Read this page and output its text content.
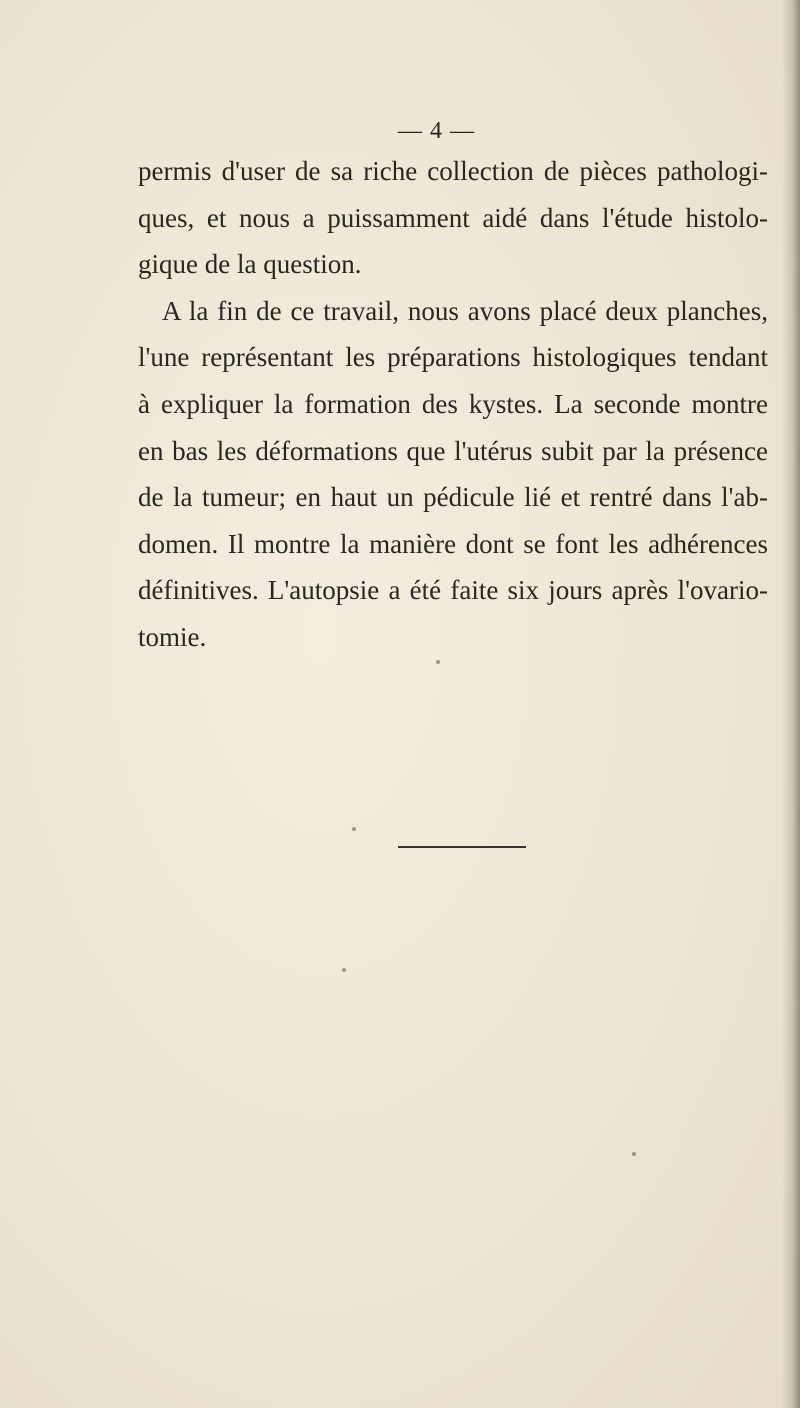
— 4 —
permis d'user de sa riche collection de pièces pathologi-
ques, et nous a puissamment aidé dans l'étude histolo-
gique de la question.
A la fin de ce travail, nous avons placé deux planches,
l'une représentant les préparations histologiques tendant
à expliquer la formation des kystes. La seconde montre
en bas les déformations que l'utérus subit par la présence
de la tumeur; en haut un pédicule lié et rentré dans l'ab-
domen. Il montre la manière dont se font les adhérences
définitives. L'autopsie a été faite six jours après l'ovario-
tomie.
